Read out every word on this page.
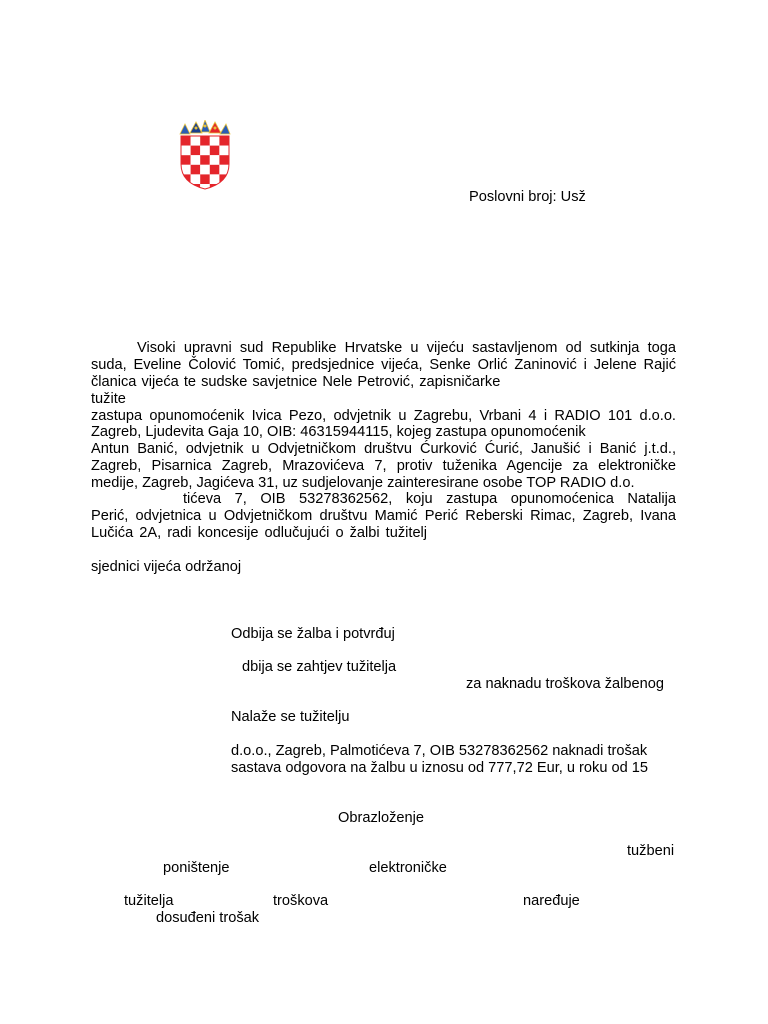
Poslovni broj: Usž
Visoki upravni sud Republike Hrvatske u vijeću sastavljenom od sutkinja toga
suda, Eveline Čolović Tomić, predsjednice vijeća, Senke Orlić Zaninović i Jelene Rajić
članica vijeća te sudske savjetnice Nele Petrović, zapisničarke
tužite
zastupa opunomoćenik Ivica Pezo, odvjetnik u Zagrebu, Vrbani 4 i RADIO 101 d.o.o.
Zagreb, Ljudevita Gaja 10, OIB: 46315944115, kojeg zastupa opunomoćenik
Antun Banić, odvjetnik u Odvjetničkom društvu Ćurković Ćurić, Janušić i Banić j.t.d.,
Zagreb, Pisarnica Zagreb, Mrazovićeva 7, protiv tuženika Agencije za elektroničke
medije, Zagreb, Jagićeva 31, uz sudjelovanje zainteresirane osobe TOP RADIO d.o.
tićeva 7, OIB 53278362562, koju zastupa opunomoćenica Natalija
Perić, odvjetnica u Odvjetničkom društvu Mamić Perić Reberski Rimac, Zagreb, Ivana
Lučića 2A, radi koncesije odlučujući o žalbi tužitelj
sjednici vijeća održanoj
Odbija se žalba i potvrđuj
dbija se zahtjev tužitelja
za naknadu troškova žalbenog
Nalaže se tužitelju
d.o.o., Zagreb, Palmotićeva 7, OIB 53278362562 naknadi trošak
sastava odgovora na žalbu u iznosu od 777,72 Eur, u roku od 15
Obrazloženje
tužbeni
poništenje	elektroničke
tužitelja	troškova	naređuje
dosuđeni trošak
